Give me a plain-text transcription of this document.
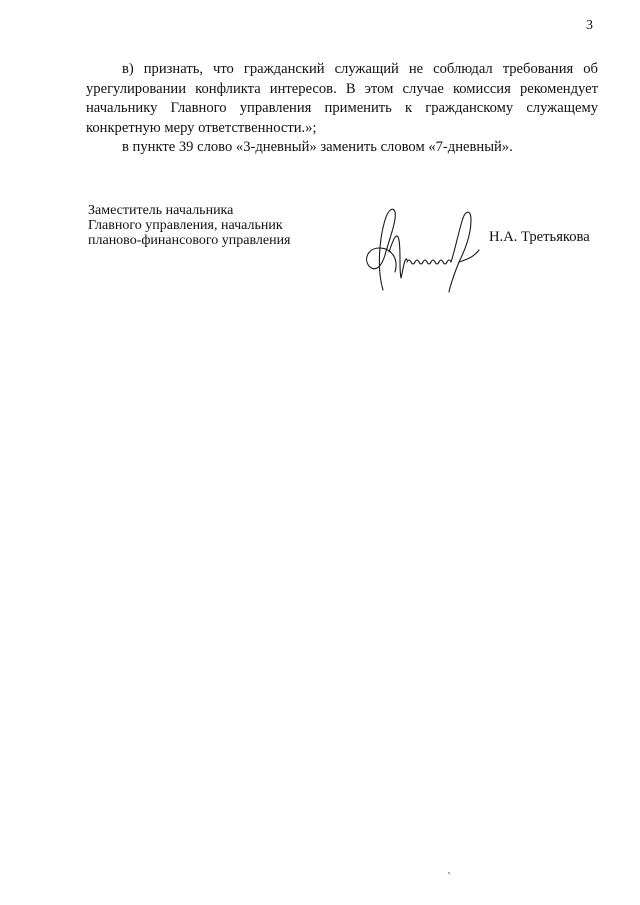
3

в) признать, что гражданский служащий не соблюдал требования об урегулировании конфликта интересов. В этом случае комиссия рекомендует начальнику Главного управления применить к гражданскому служащему конкретную меру ответственности.»;

в пункте 39 слово «3-дневный» заменить словом «7-дневный».

Заместитель начальника
Главного управления, начальник
планово-финансового управления	Н.А. Третьякова
